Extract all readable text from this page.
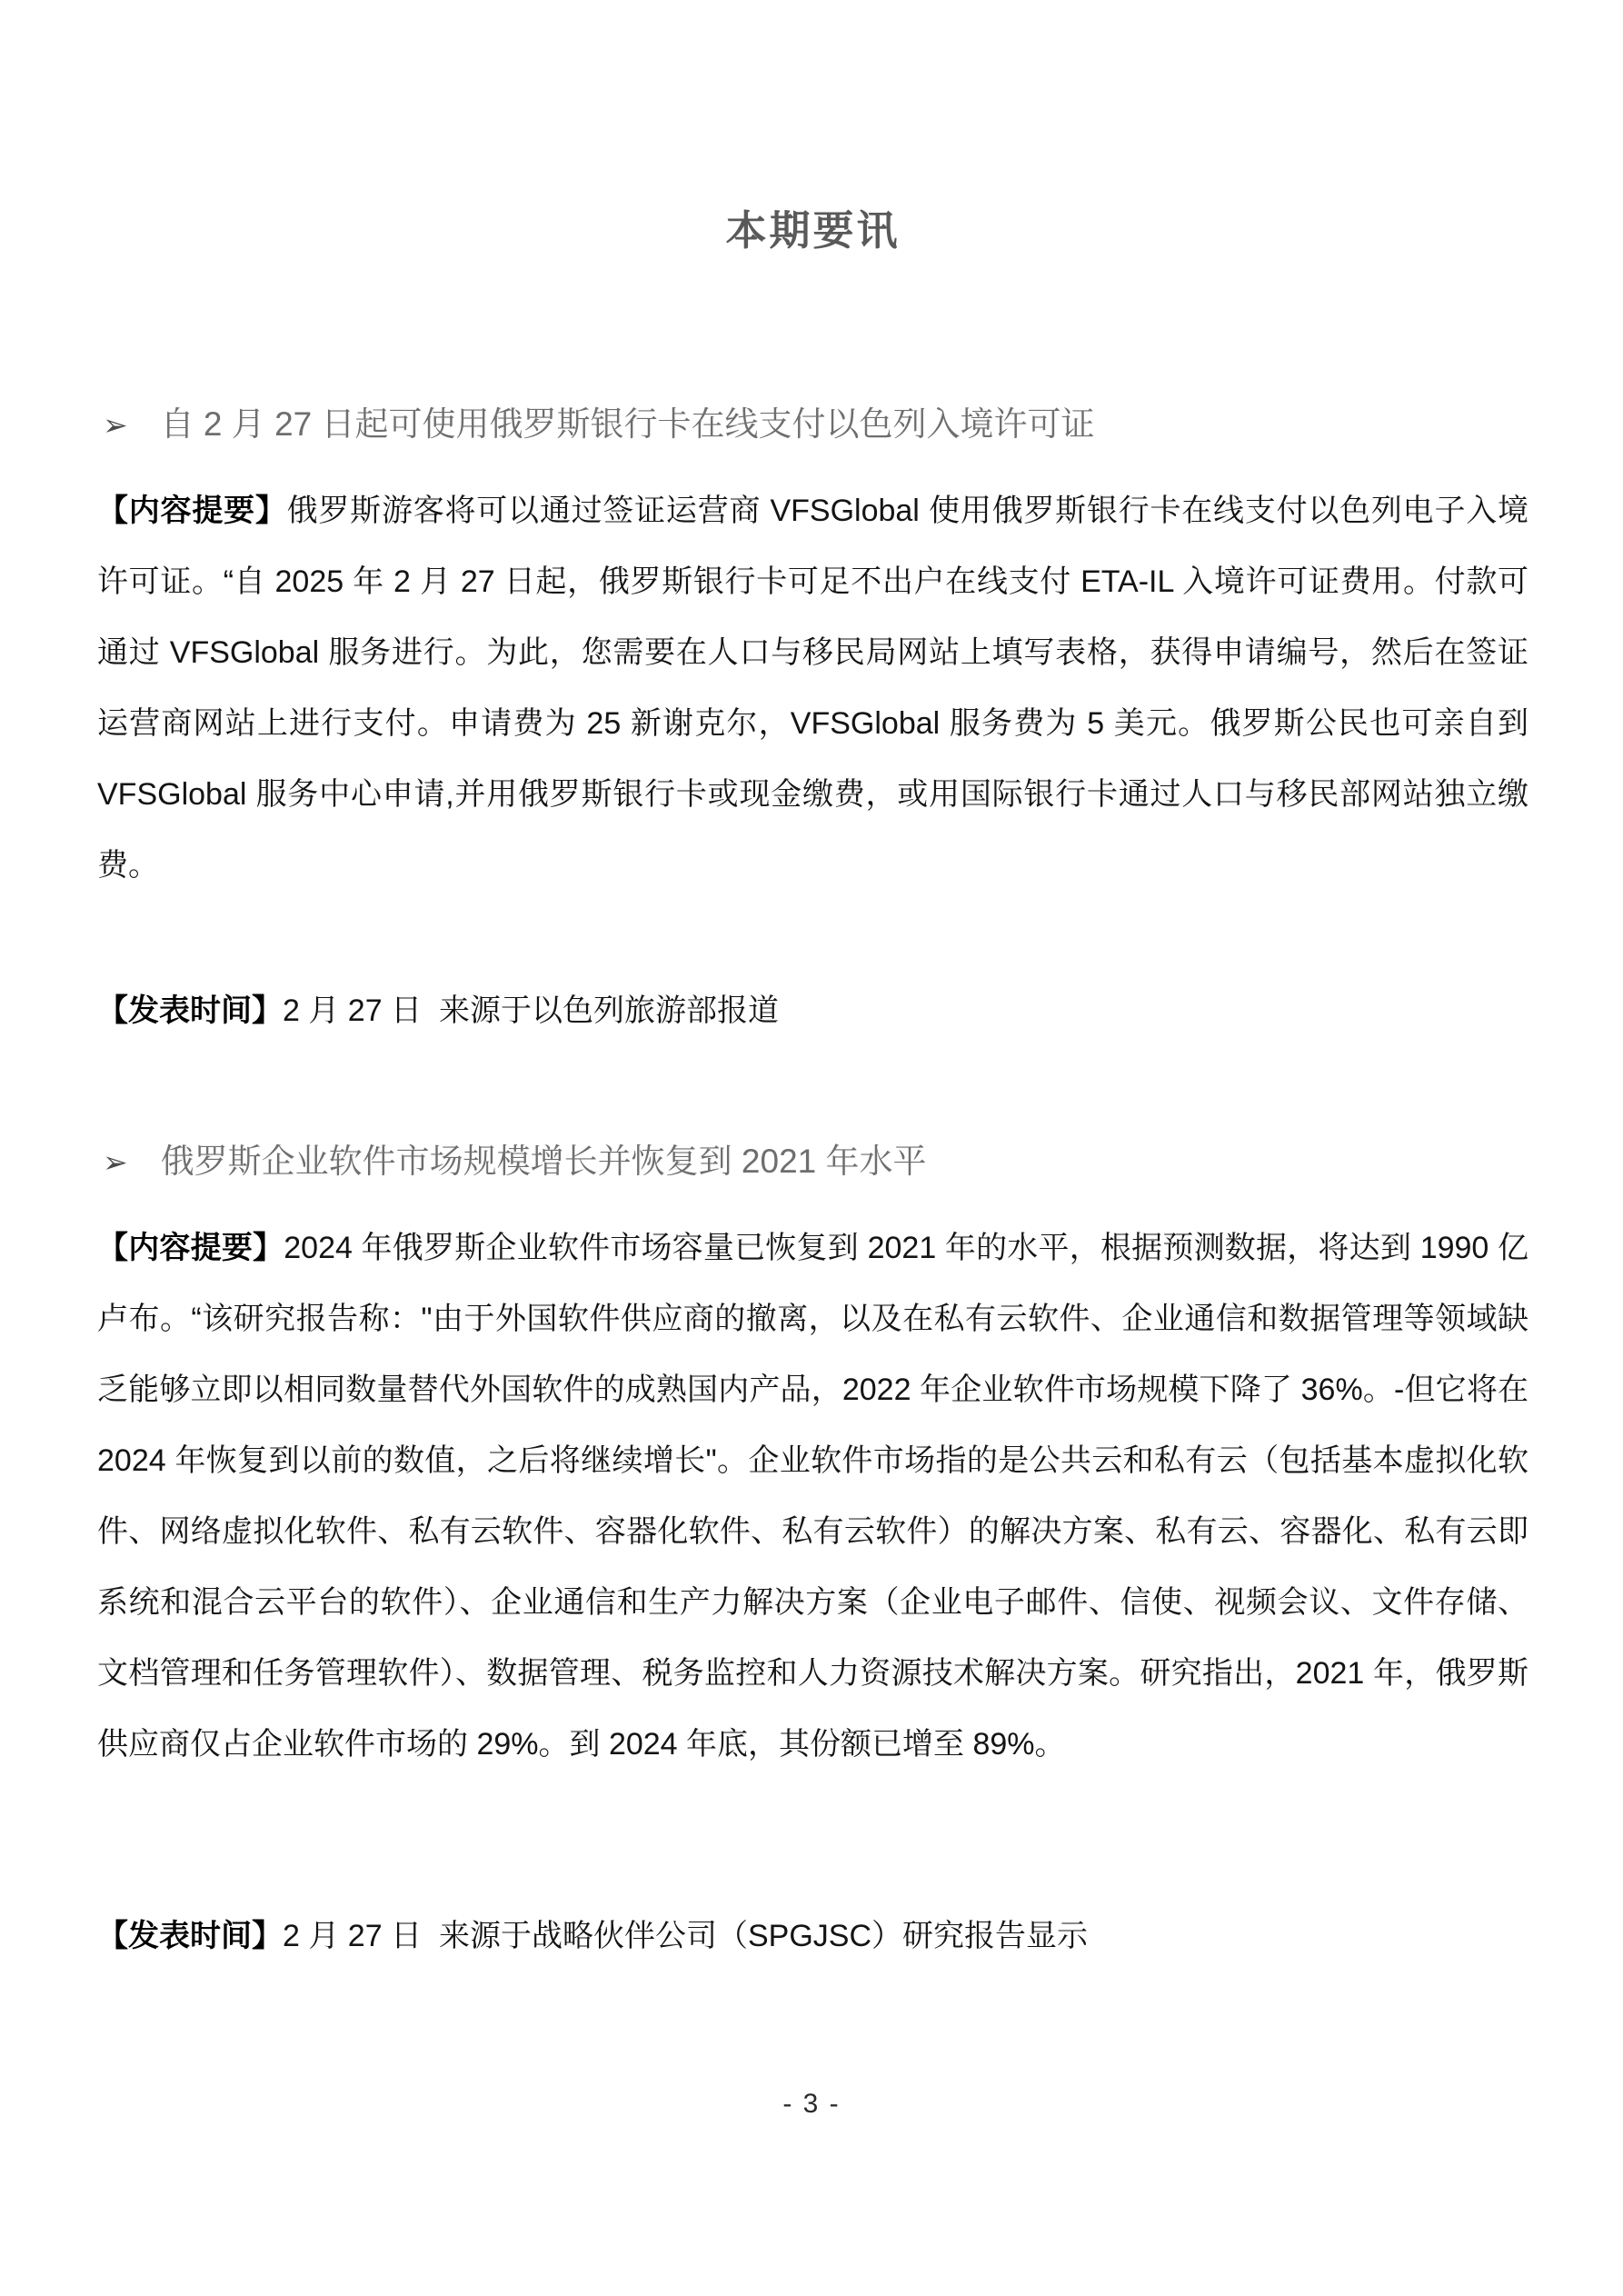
本期要讯
➢ 自 2 月 27 日起可使用俄罗斯银行卡在线支付以色列入境许可证

【内容提要】俄罗斯游客将可以通过签证运营商 VFSGlobal 使用俄罗斯银行卡在线支付以色列电子入境许可证。“自 2025 年 2 月 27 日起，俄罗斯银行卡可足不出户在线支付 ETA-IL 入境许可证费用。付款可通过 VFSGlobal 服务进行。为此，您需要在人口与移民局网站上填写表格，获得申请编号，然后在签证运营商网站上进行支付。申请费为 25 新谢克尔，VFSGlobal 服务费为 5 美元。俄罗斯公民也可亲自到 VFSGlobal 服务中心申请,并用俄罗斯银行卡或现金缴费，或用国际银行卡通过人口与移民部网站独立缴费。

【发表时间】2 月 27 日  来源于以色列旅游部报道

➢ 俄罗斯企业软件市场规模增长并恢复到 2021 年水平

【内容提要】2024 年俄罗斯企业软件市场容量已恢复到 2021 年的水平，根据预测数据，将达到 1990 亿卢布。“该研究报告称："由于外国软件供应商的撤离，以及在私有云软件、企业通信和数据管理等领域缺乏能够立即以相同数量替代外国软件的成熟国内产品，2022 年企业软件市场规模下降了 36%。-但它将在 2024 年恢复到以前的数值，之后将继续增长"。企业软件市场指的是公共云和私有云（包括基本虚拟化软件、网络虚拟化软件、私有云软件、容器化软件、私有云软件）的解决方案、私有云、容器化、私有云即系统和混合云平台的软件）、企业通信和生产力解决方案（企业电子邮件、信使、视频会议、文件存储、文档管理和任务管理软件）、数据管理、税务监控和人力资源技术解决方案。研究指出，2021 年，俄罗斯供应商仅占企业软件市场的 29%。到 2024 年底，其份额已增至 89%。

【发表时间】2 月 27 日  来源于战略伙伴公司（SPGJSC）研究报告显示

- 3 -
